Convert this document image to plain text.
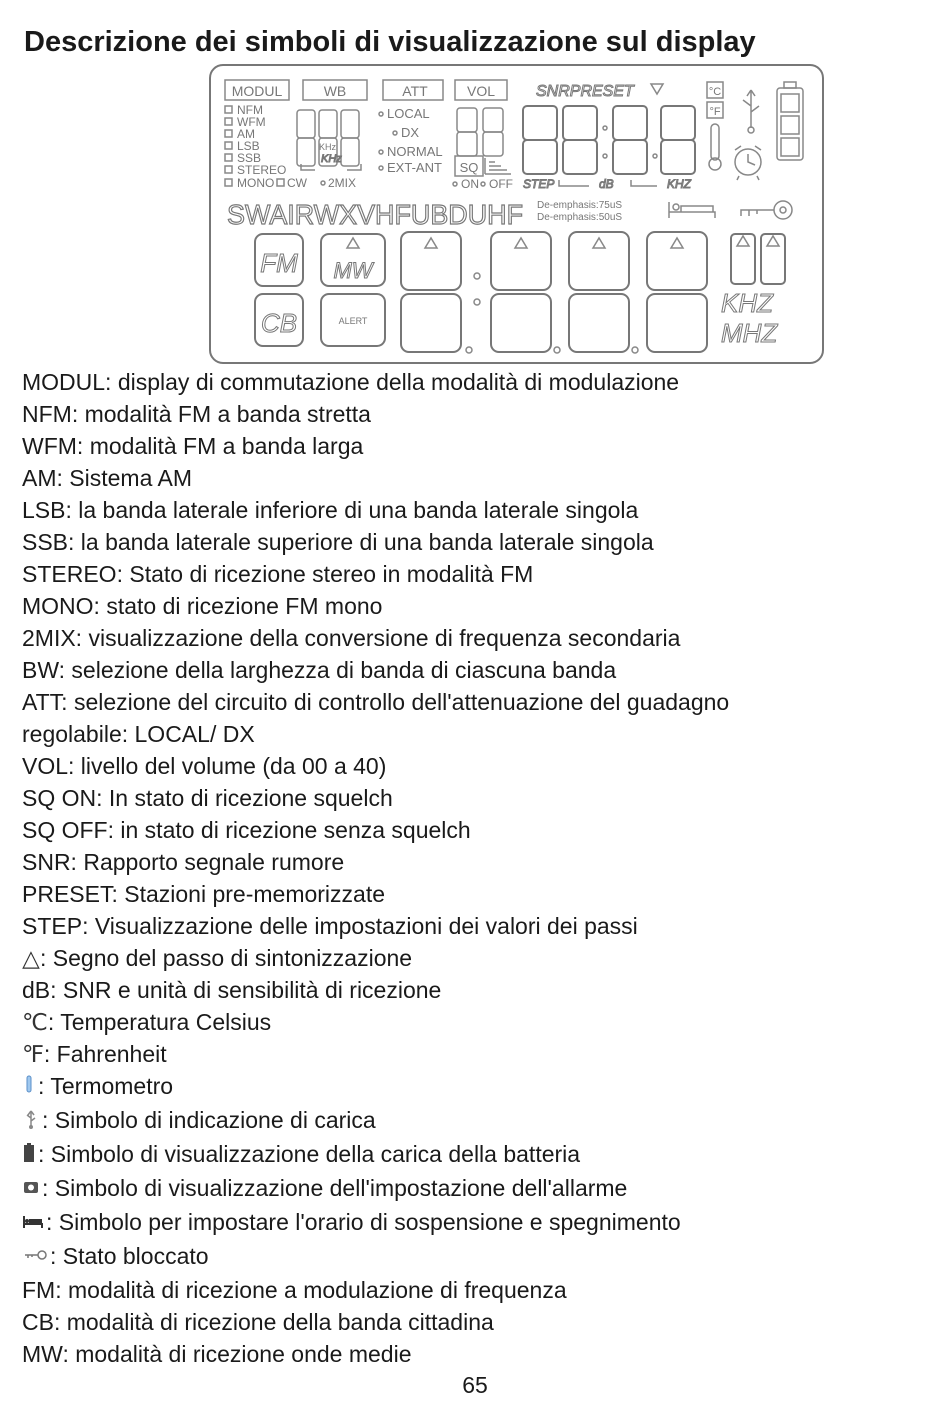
Descrizione dei simboli di visualizzazione sul display
MODUL	WB	ATT	VOL	SNRPRESET
NFM
WFM
AM
LSB
SSB
STEREO
MONO CW 2MIX
KHz
KHz
LOCAL
DX
NORMAL
EXT-ANT SQ
ON OFF STEP	dB	KHZ
°C
°F
SWAIRWXVHFUBDUHF De-emphasis:75uS
De-emphasis:50uS
FM
CB
MW
ALERT
KHZ
MHZ
MODUL: display di commutazione della modalità di modulazione
NFM: modalità FM a banda stretta
WFM: modalità FM a banda larga
AM: Sistema AM
LSB: la banda laterale inferiore di una banda laterale singola
SSB: la banda laterale superiore di una banda laterale singola
STEREO: Stato di ricezione stereo in modalità FM
MONO: stato di ricezione FM mono
2MIX: visualizzazione della conversione di frequenza secondaria
BW: selezione della larghezza di banda di ciascuna banda
ATT: selezione del circuito di controllo dell'attenuazione del guadagno
regolabile: LOCAL/ DX
VOL: livello del volume (da 00 a 40)
SQ ON: In stato di ricezione squelch
SQ OFF: in stato di ricezione senza squelch
SNR: Rapporto segnale rumore
PRESET: Stazioni pre-memorizzate
STEP: Visualizzazione delle impostazioni dei valori dei passi
△: Segno del passo di sintonizzazione
dB: SNR e unità di sensibilità di ricezione
℃: Temperatura Celsius
℉: Fahrenheit
: Termometro
: Simbolo di indicazione di carica
: Simbolo di visualizzazione della carica della batteria
: Simbolo di visualizzazione dell'impostazione dell'allarme
: Simbolo per impostare l'orario di sospensione e spegnimento
: Stato bloccato
FM: modalità di ricezione a modulazione di frequenza
CB: modalità di ricezione della banda cittadina
MW: modalità di ricezione onde medie
65
